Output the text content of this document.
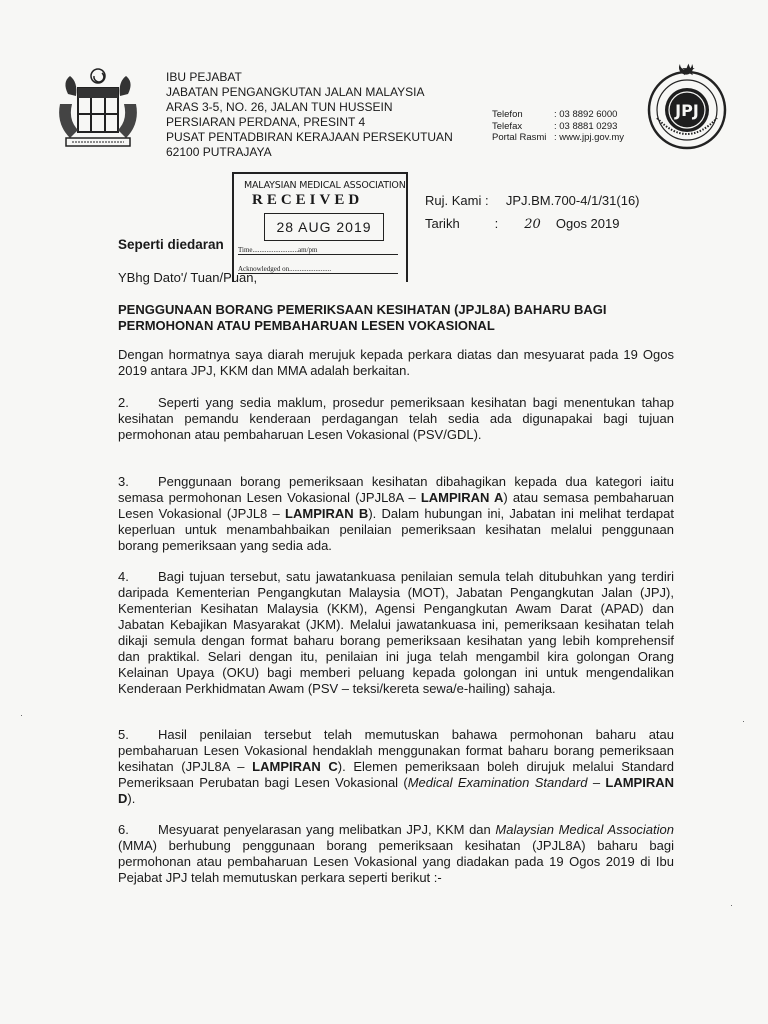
IBU PEJABAT
JABATAN PENGANGKUTAN JALAN MALAYSIA
ARAS 3-5, NO. 26, JALAN TUN HUSSEIN
PERSIARAN PERDANA, PRESINT 4
PUSAT PENTADBIRAN KERAJAAN PERSEKUTUAN
62100 PUTRAJAYA
Telefon	: 03 8892 6000
Telefax	: 03 8881 0293
Portal Rasmi : www.jpj.gov.my
JPJ
MALAYSIAN MEDICAL ASSOCIATION
RECEIVED
28 AUG 2019
Time..........................am/pm
Acknowledged on........................
Ruj. Kami : JPJ.BM.700-4/1/31(16)
Tarikh	: 20 Ogos 2019
Seperti diedaran
YBhg Dato'/ Tuan/Puan,
PENGGUNAAN BORANG PEMERIKSAAN KESIHATAN (JPJL8A) BAHARU BAGI PERMOHONAN ATAU PEMBAHARUAN LESEN VOKASIONAL
Dengan hormatnya saya diarah merujuk kepada perkara diatas dan mesyuarat pada 19 Ogos 2019 antara JPJ, KKM dan MMA adalah berkaitan.
2. Seperti yang sedia maklum, prosedur pemeriksaan kesihatan bagi menentukan tahap kesihatan pemandu kenderaan perdagangan telah sedia ada digunapakai bagi tujuan permohonan atau pembaharuan Lesen Vokasional (PSV/GDL).
3. Penggunaan borang pemeriksaan kesihatan dibahagikan kepada dua kategori iaitu semasa permohonan Lesen Vokasional (JPJL8A – LAMPIRAN A) atau semasa pembaharuan Lesen Vokasional (JPJL8 – LAMPIRAN B). Dalam hubungan ini, Jabatan ini melihat terdapat keperluan untuk menambahbaikan penilaian pemeriksaan kesihatan melalui penggunaan borang pemeriksaan yang sedia ada.
4. Bagi tujuan tersebut, satu jawatankuasa penilaian semula telah ditubuhkan yang terdiri daripada Kementerian Pengangkutan Malaysia (MOT), Jabatan Pengangkutan Jalan (JPJ), Kementerian Kesihatan Malaysia (KKM), Agensi Pengangkutan Awam Darat (APAD) dan Jabatan Kebajikan Masyarakat (JKM). Melalui jawatankuasa ini, pemeriksaan kesihatan telah dikaji semula dengan format baharu borang pemeriksaan kesihatan yang lebih komprehensif dan praktikal. Selari dengan itu, penilaian ini juga telah mengambil kira golongan Orang Kelainan Upaya (OKU) bagi memberi peluang kepada golongan ini untuk mengendalikan Kenderaan Perkhidmatan Awam (PSV – teksi/kereta sewa/e-hailing) sahaja.
5. Hasil penilaian tersebut telah memutuskan bahawa permohonan baharu atau pembaharuan Lesen Vokasional hendaklah menggunakan format baharu borang pemeriksaan kesihatan (JPJL8A – LAMPIRAN C). Elemen pemeriksaan boleh dirujuk melalui Standard Pemeriksaan Perubatan bagi Lesen Vokasional (Medical Examination Standard – LAMPIRAN D).
6. Mesyuarat penyelarasan yang melibatkan JPJ, KKM dan Malaysian Medical Association (MMA) berhubung penggunaan borang pemeriksaan kesihatan (JPJL8A) baharu bagi permohonan atau pembaharuan Lesen Vokasional yang diadakan pada 19 Ogos 2019 di Ibu Pejabat JPJ telah memutuskan perkara seperti berikut :-
·
·
·
